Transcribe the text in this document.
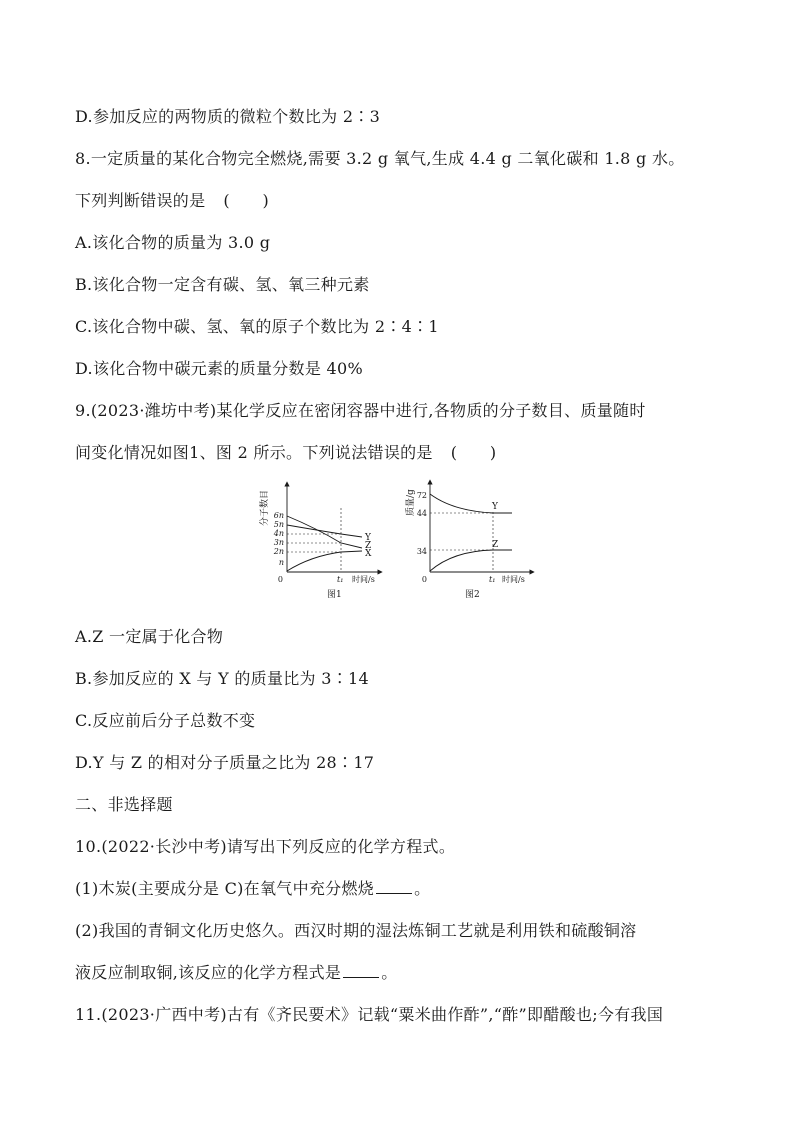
D.参加反应的两物质的微粒个数比为 2∶3
8.一定质量的某化合物完全燃烧,需要 3.2 g 氧气,生成 4.4 g 二氧化碳和 1.8 g 水。
下列判断错误的是 (　　)
A.该化合物的质量为 3.0 g
B.该化合物一定含有碳、氢、氧三种元素
C.该化合物中碳、氢、氧的原子个数比为 2∶4∶1
D.该化合物中碳元素的质量分数是 40%
9.(2023·潍坊中考)某化学反应在密闭容器中进行,各物质的分子数目、质量随时
间变化情况如图1、图 2 所示。下列说法错误的是 (　　)
分子数目 6n
5n
4n
3n
2n
n
0
Y
Z
X
t₁ 时间/s
图1
质量/g 72
44
34
0
Y
Z
t₁ 时间/s
图2
A.Z 一定属于化合物
B.参加反应的 X 与 Y 的质量比为 3∶14
C.反应前后分子总数不变
D.Y 与 Z 的相对分子质量之比为 28∶17
二、非选择题
10.(2022·长沙中考)请写出下列反应的化学方程式。
(1)木炭(主要成分是 C)在氧气中充分燃烧	。
(2)我国的青铜文化历史悠久。西汉时期的湿法炼铜工艺就是利用铁和硫酸铜溶
液反应制取铜,该反应的化学方程式是	。
11.(2023·广西中考)古有《齐民要术》记载“粟米曲作酢”,“酢”即醋酸也;今有我国
